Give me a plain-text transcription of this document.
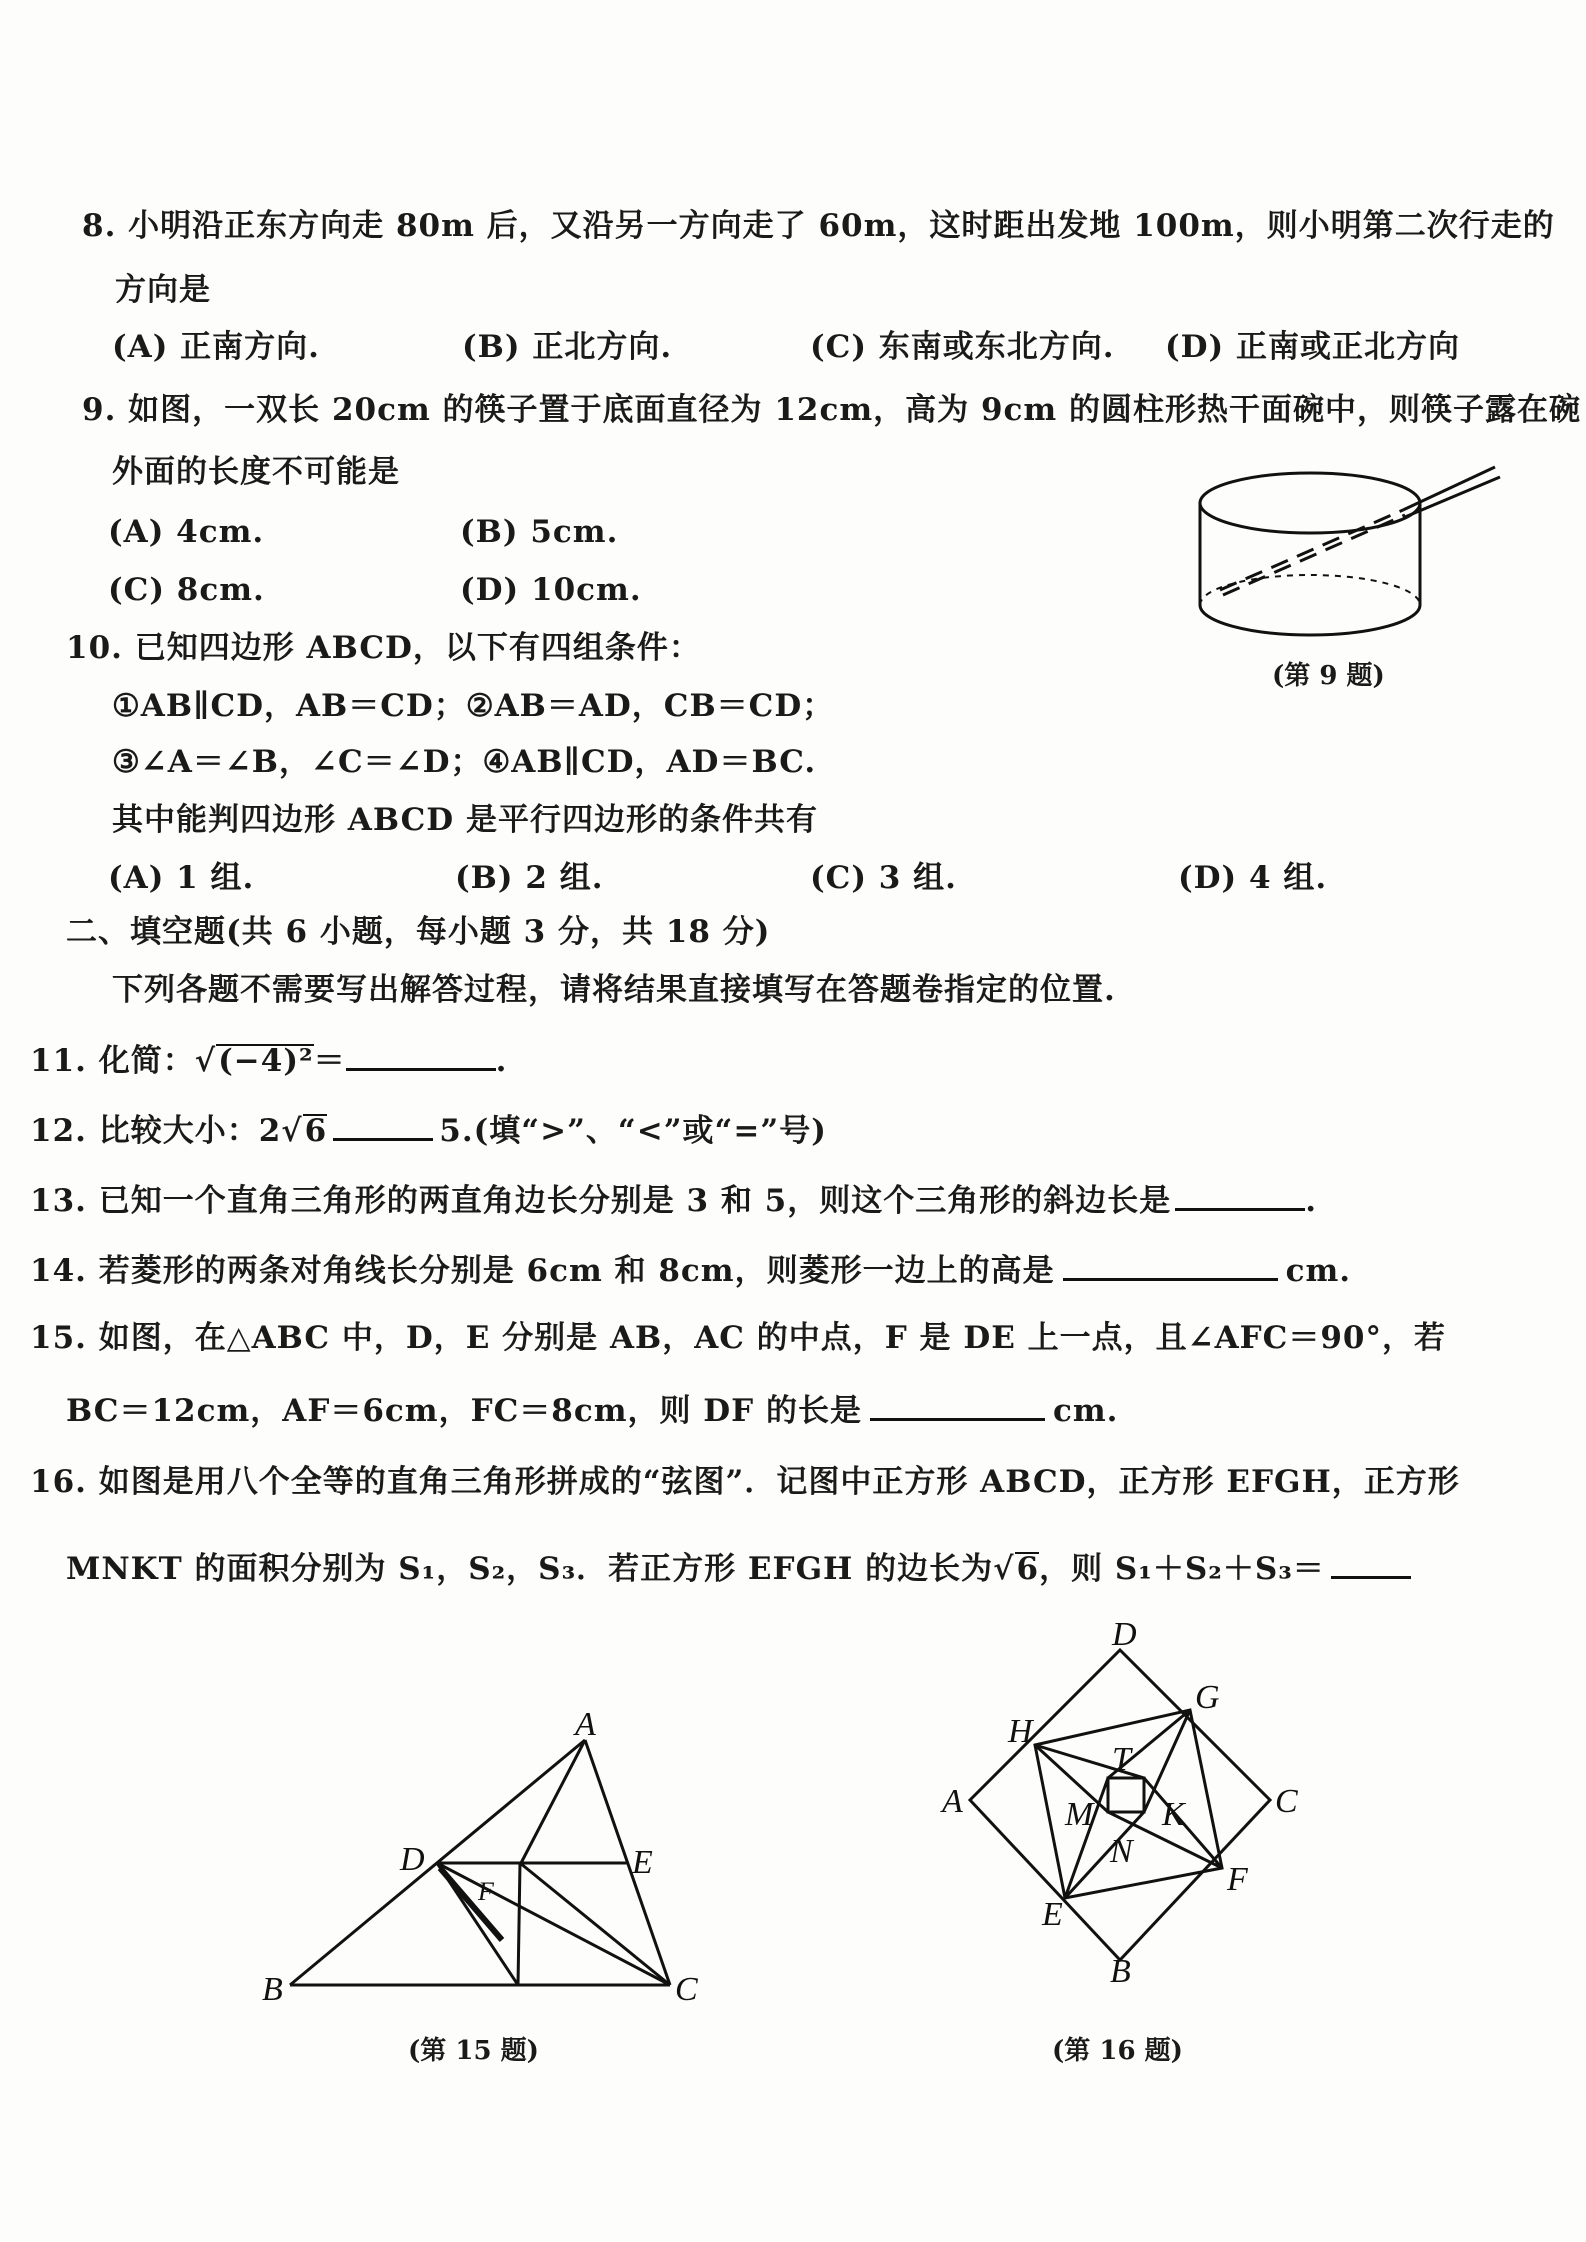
8. 小明沿正东方向走 80m 后，又沿另一方向走了 60m，这时距出发地 100m，则小明第二次行走的
方向是
(A) 正南方向.	(B) 正北方向.	(C) 东南或东北方向. (D) 正南或正北方向
9. 如图，一双长 20cm 的筷子置于底面直径为 12cm，高为 9cm 的圆柱形热干面碗中，则筷子露在碗
外面的长度不可能是
(A) 4cm.	(B) 5cm.
(C) 8cm.	(D) 10cm.
(第 9 题)
10. 已知四边形 ABCD，以下有四组条件：
①AB∥CD，AB＝CD；②AB＝AD，CB＝CD；
③∠A＝∠B，∠C＝∠D；④AB∥CD，AD＝BC.
其中能判四边形 ABCD 是平行四边形的条件共有
(A) 1 组.	(B) 2 组.	(C) 3 组.	(D) 4 组.
二、填空题(共 6 小题，每小题 3 分，共 18 分)
下列各题不需要写出解答过程，请将结果直接填写在答题卷指定的位置.
11. 化简：√(−4)²＝	.
12. 比较大小：2√6	5.(填“>”、“<”或“=”号)
13. 已知一个直角三角形的两直角边长分别是 3 和 5，则这个三角形的斜边长是	.
14. 若菱形的两条对角线长分别是 6cm 和 8cm，则菱形一边上的高是	cm.
15. 如图，在△ABC 中，D，E 分别是 AB，AC 的中点，F 是 DE 上一点，且∠AFC＝90°，若
BC＝12cm，AF＝6cm，FC＝8cm，则 DF 的长是	cm.
16. 如图是用八个全等的直角三角形拼成的“弦图”．记图中正方形 ABCD，正方形 EFGH，正方形
MNKT 的面积分别为 S₁，S₂，S₃．若正方形 EFGH 的边长为√6，则 S₁＋S₂＋S₃＝
A
B	C
D	E
F
(第 15 题)
D
G
H
A	C
F
E
B
T
M K
N
(第 16 题)
